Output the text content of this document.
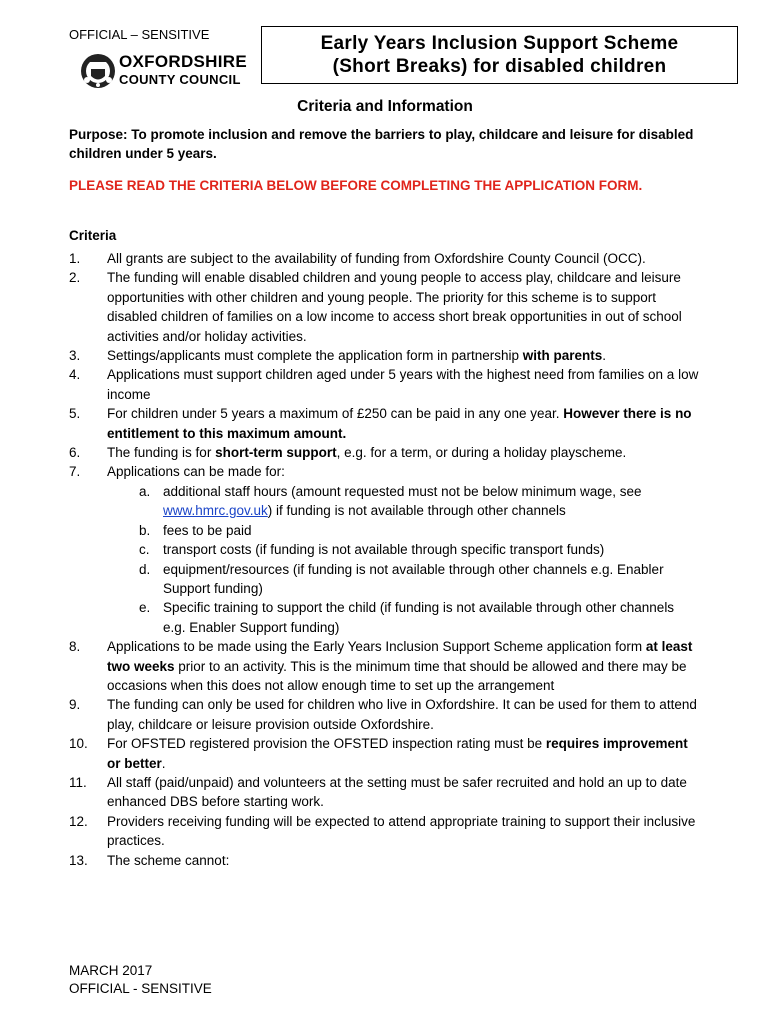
OFFICIAL – SENSITIVE
OXFORDSHIRE
COUNTY COUNCIL
Early Years Inclusion Support Scheme
(Short Breaks) for disabled children
Criteria and Information
Purpose: To promote inclusion and remove the barriers to play, childcare and leisure for disabled children under 5 years.
PLEASE READ THE CRITERIA BELOW BEFORE COMPLETING THE APPLICATION FORM.
Criteria
1. All grants are subject to the availability of funding from Oxfordshire County Council (OCC).
2. The funding will enable disabled children and young people to access play, childcare and leisure opportunities with other children and young people. The priority for this scheme is to support disabled children of families on a low income to access short break opportunities in out of school activities and/or holiday activities.
3. Settings/applicants must complete the application form in partnership with parents.
4. Applications must support children aged under 5 years with the highest need from families on a low income
5. For children under 5 years a maximum of £250 can be paid in any one year. However there is no entitlement to this maximum amount.
6. The funding is for short-term support, e.g. for a term, or during a holiday playscheme.
7. Applications can be made for:
a. additional staff hours (amount requested must not be below minimum wage, see www.hmrc.gov.uk) if funding is not available through other channels
b. fees to be paid
c. transport costs (if funding is not available through specific transport funds)
d. equipment/resources (if funding is not available through other channels e.g. Enabler Support funding)
e. Specific training to support the child (if funding is not available through other channels e.g. Enabler Support funding)
8. Applications to be made using the Early Years Inclusion Support Scheme application form at least two weeks prior to an activity. This is the minimum time that should be allowed and there may be occasions when this does not allow enough time to set up the arrangement
9. The funding can only be used for children who live in Oxfordshire. It can be used for them to attend play, childcare or leisure provision outside Oxfordshire.
10. For OFSTED registered provision the OFSTED inspection rating must be requires improvement or better.
11. All staff (paid/unpaid) and volunteers at the setting must be safer recruited and hold an up to date enhanced DBS before starting work.
12. Providers receiving funding will be expected to attend appropriate training to support their inclusive practices.
13. The scheme cannot:
MARCH 2017
OFFICIAL - SENSITIVE
